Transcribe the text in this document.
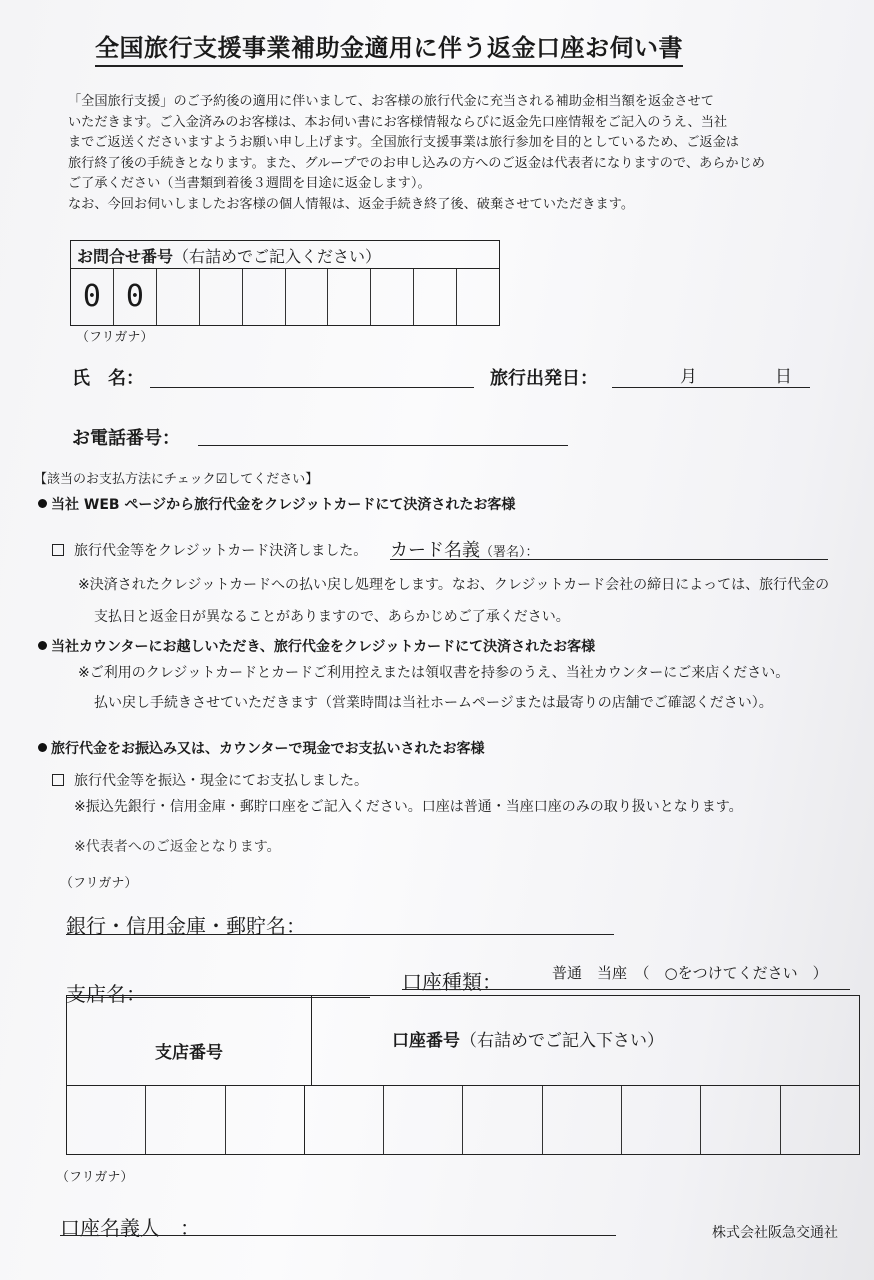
全国旅行支援事業補助金適用に伴う返金口座お伺い書

「全国旅行支援」のご予約後の適用に伴いまして、お客様の旅行代金に充当される補助金相当額を返金させて

いただきます。ご入金済みのお客様は、本お伺い書にお客様情報ならびに返金先口座情報をご記入のうえ、当社

までご返送くださいますようお願い申し上げます。全国旅行支援事業は旅行参加を目的としているため、ご返金は

旅行終了後の手続きとなります。また、グループでのお申し込みの方へのご返金は代表者になりますので、あらかじめ

ご了承ください（当書類到着後３週間を目途に返金します）。

なお、今回お伺いしましたお客様の個人情報は、返金手続き終了後、破棄させていただきます。

お問合せ番号（右詰めでご記入ください）
0 0
（フリガナ）
氏　名：	旅行出発日：	月	日
お電話番号：
【該当のお支払方法にチェック☑してください】
当社 WEB ページから旅行代金をクレジットカードにて決済されたお客様
旅行代金等をクレジットカード決済しました。 カード名義（署名）：
※決済されたクレジットカードへの払い戻し処理をします。なお、クレジットカード会社の締日によっては、旅行代金の
支払日と返金日が異なることがありますので、あらかじめご了承ください。
当社カウンターにお越しいただき、旅行代金をクレジットカードにて決済されたお客様
※ご利用のクレジットカードとカードご利用控えまたは領収書を持参のうえ、当社カウンターにご来店ください。
払い戻し手続きさせていただきます（営業時間は当社ホームページまたは最寄りの店舗でご確認ください）。
旅行代金をお振込み又は、カウンターで現金でお支払いされたお客様
旅行代金等を振込・現金にてお支払しました。
※振込先銀行・信用金庫・郵貯口座をご記入ください。口座は普通・当座口座のみの取り扱いとなります。
※代表者へのご返金となります。
（フリガナ）
銀行・信用金庫・郵貯名：
支店名：	口座種類：	普通　当座　（　○をつけてください　）
支店番号
口座番号（右詰めでご記入下さい）
（フリガナ）
口座名義人　：	株式会社阪急交通社
